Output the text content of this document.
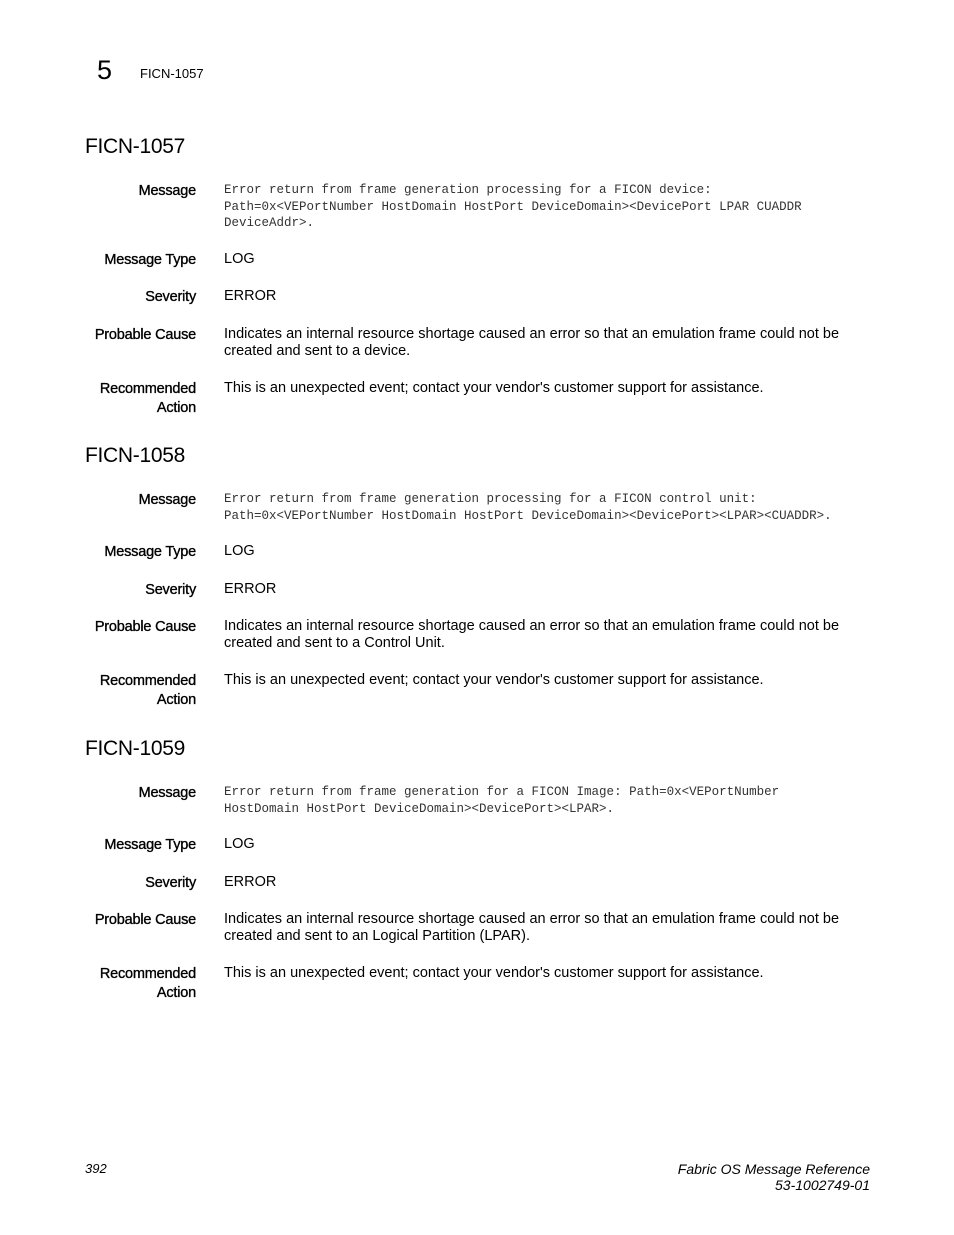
5 FICN-1057
FICN-1057
Message Error return from frame generation processing for a FICON device:
Path=0x<VEPortNumber HostDomain HostPort DeviceDomain><DevicePort LPAR CUADDR
DeviceAddr>.
Message Type LOG
Severity ERROR
Probable Cause Indicates an internal resource shortage caused an error so that an emulation frame could not be created and sent to a device.
Recommended
Action
This is an unexpected event; contact your vendor's customer support for assistance.
FICN-1058
Message Error return from frame generation processing for a FICON control unit:
Path=0x<VEPortNumber HostDomain HostPort DeviceDomain><DevicePort><LPAR><CUADDR>.
Message Type LOG
Severity ERROR
Probable Cause Indicates an internal resource shortage caused an error so that an emulation frame could not be created and sent to a Control Unit.
Recommended
Action
This is an unexpected event; contact your vendor's customer support for assistance.
FICN-1059
Message Error return from frame generation for a FICON Image: Path=0x<VEPortNumber
HostDomain HostPort DeviceDomain><DevicePort><LPAR>.
Message Type LOG
Severity ERROR
Probable Cause Indicates an internal resource shortage caused an error so that an emulation frame could not be created and sent to an Logical Partition (LPAR).
Recommended
Action
This is an unexpected event; contact your vendor's customer support for assistance.
392	Fabric OS Message Reference
53-1002749-01
